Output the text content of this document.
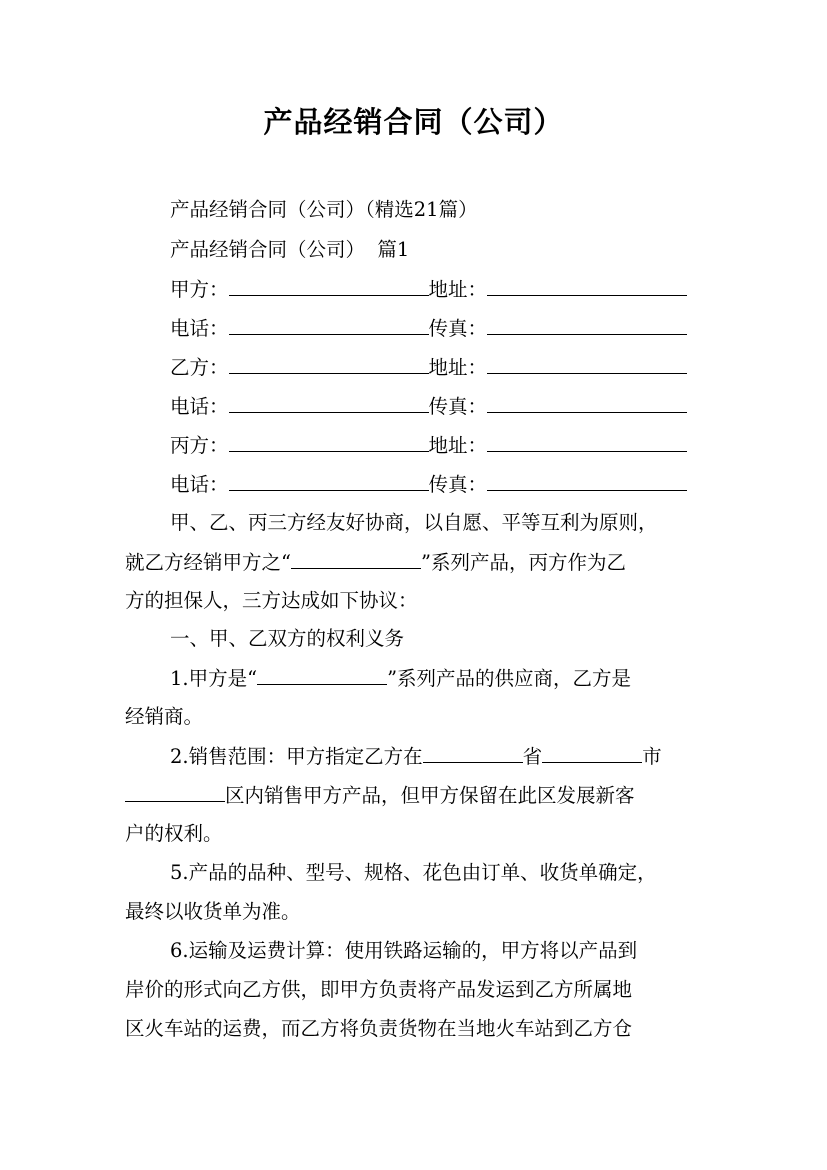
产品经销合同（公司）
产品经销合同（公司）（精选21篇）
产品经销合同（公司）  篇1
甲方：	地址：
电话：	传真：
乙方：	地址：
电话：	传真：
丙方：	地址：
电话：	传真：
甲、乙、丙三方经友好协商，以自愿、平等互利为原则，
就乙方经销甲方之“	”系列产品，丙方作为乙
方的担保人，三方达成如下协议：
一、甲、乙双方的权利义务
1.甲方是“	”系列产品的供应商，乙方是
经销商。
2.销售范围：甲方指定乙方在	省	市
区内销售甲方产品，但甲方保留在此区发展新客
户的权利。
5.产品的品种、型号、规格、花色由订单、收货单确定，
最终以收货单为准。
6.运输及运费计算：使用铁路运输的，甲方将以产品到
岸价的形式向乙方供，即甲方负责将产品发运到乙方所属地
区火车站的运费，而乙方将负责货物在当地火车站到乙方仓
